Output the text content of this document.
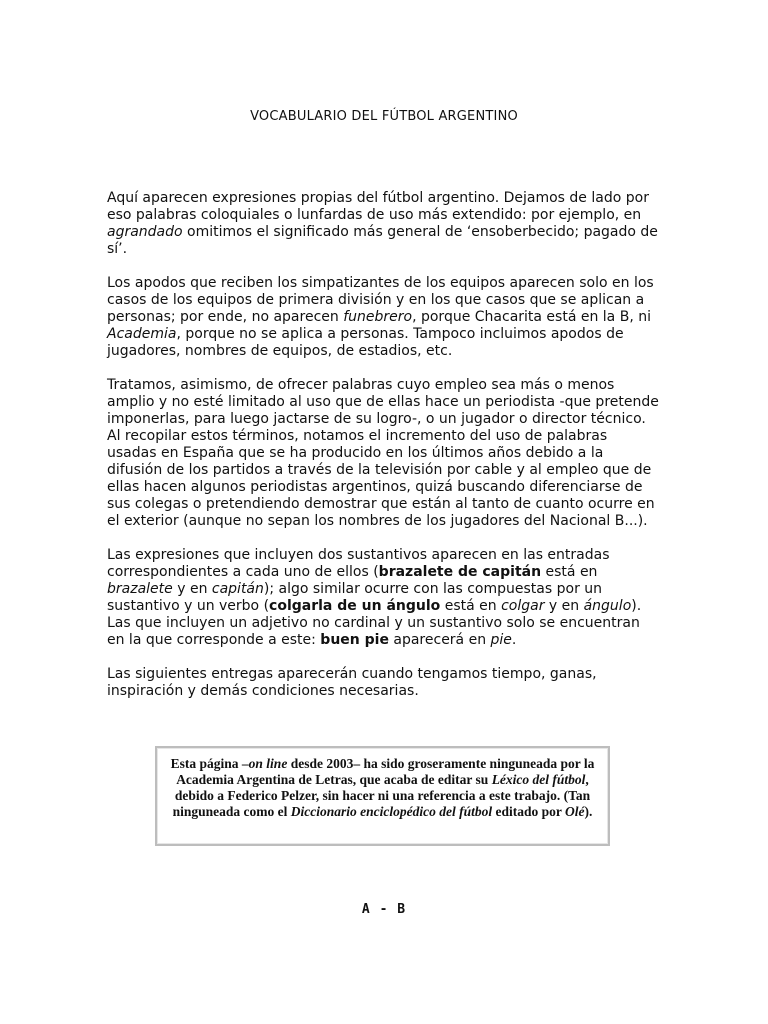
VOCABULARIO DEL FÚTBOL ARGENTINO

Aquí aparecen expresiones propias del fútbol argentino. Dejamos de lado por eso palabras coloquiales o lunfardas de uso más extendido: por ejemplo, en agrandado omitimos el significado más general de ‘ensoberbecido; pagado de sí’.

Los apodos que reciben los simpatizantes de los equipos aparecen solo en los casos de los equipos de primera división y en los que casos que se aplican a personas; por ende, no aparecen funebrero, porque Chacarita está en la B, ni Academia, porque no se aplica a personas. Tampoco incluimos apodos de jugadores, nombres de equipos, de estadios, etc.

Tratamos, asimismo, de ofrecer palabras cuyo empleo sea más o menos amplio y no esté limitado al uso que de ellas hace un periodista -que pretende imponerlas, para luego jactarse de su logro-, o un jugador o director técnico. Al recopilar estos términos, notamos el incremento del uso de palabras usadas en España que se ha producido en los últimos años debido a la difusión de los partidos a través de la televisión por cable y al empleo que de ellas hacen algunos periodistas argentinos, quizá buscando diferenciarse de sus colegas o pretendiendo demostrar que están al tanto de cuanto ocurre en el exterior (aunque no sepan los nombres de los jugadores del Nacional B...).

Las expresiones que incluyen dos sustantivos aparecen en las entradas correspondientes a cada uno de ellos (brazalete de capitán está en brazalete y en capitán); algo similar ocurre con las compuestas por un sustantivo y un verbo (colgarla de un ángulo está en colgar y en ángulo). Las que incluyen un adjetivo no cardinal y un sustantivo solo se encuentran en la que corresponde a este: buen pie aparecerá en pie.

Las siguientes entregas aparecerán cuando tengamos tiempo, ganas, inspiración y demás condiciones necesarias.

Esta página –on line desde 2003– ha sido groseramente ninguneada por la Academia Argentina de Letras, que acaba de editar su Léxico del fútbol, debido a Federico Pelzer, sin hacer ni una referencia a este trabajo. (Tan ninguneada como el Diccionario enciclopédico del fútbol editado por Olé).
A - B
